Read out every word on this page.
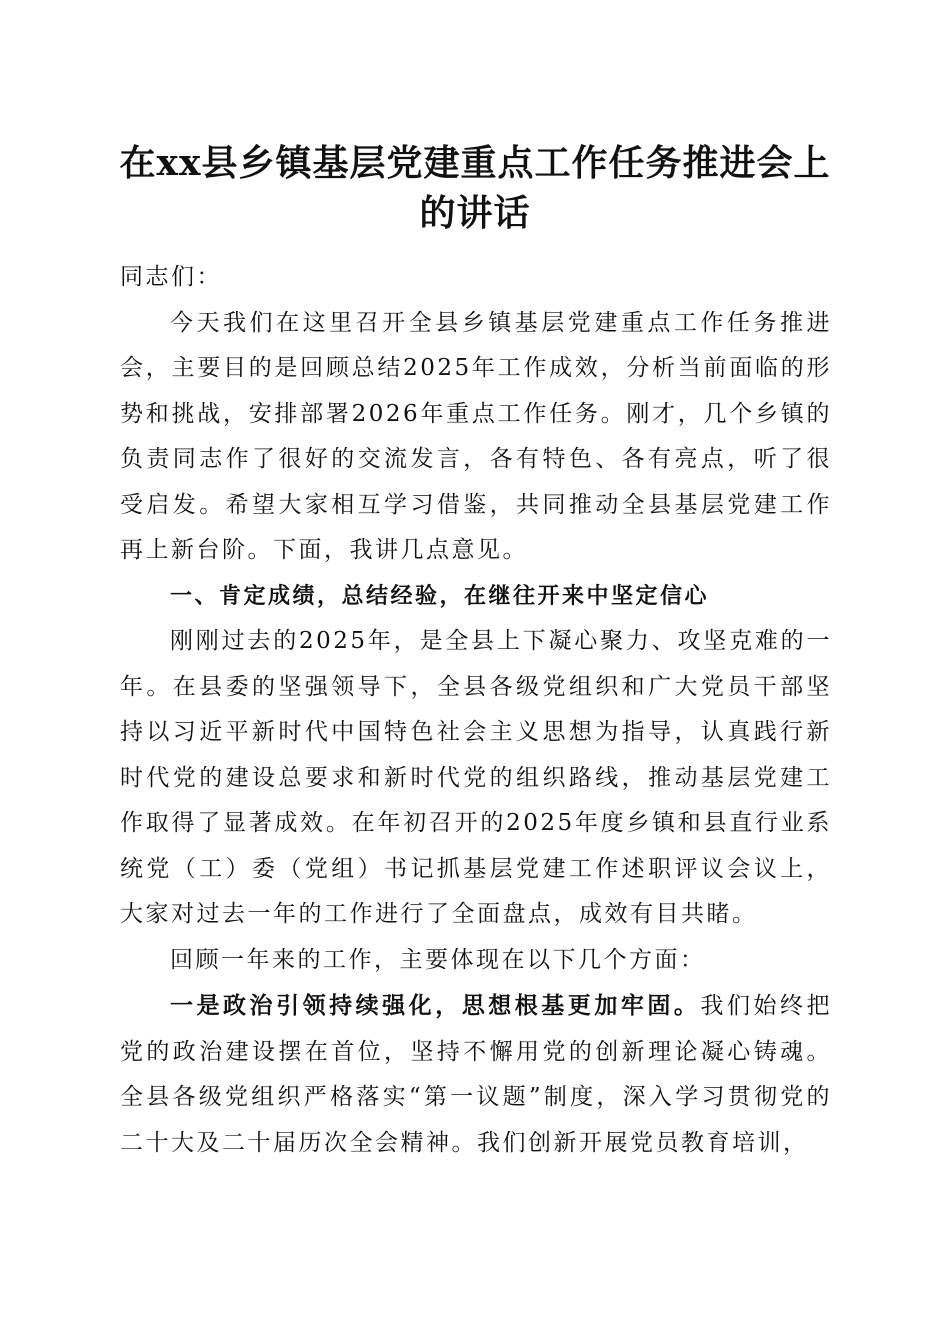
在xx县乡镇基层党建重点工作任务推进会上
的讲话

同志们：

今天我们在这里召开全县乡镇基层党建重点工作任务推进会，主要目的是回顾总结2025年工作成效，分析当前面临的形势和挑战，安排部署2026年重点工作任务。刚才，几个乡镇的负责同志作了很好的交流发言，各有特色、各有亮点，听了很受启发。希望大家相互学习借鉴，共同推动全县基层党建工作再上新台阶。下面，我讲几点意见。

一、肯定成绩，总结经验，在继往开来中坚定信心

刚刚过去的2025年，是全县上下凝心聚力、攻坚克难的一年。在县委的坚强领导下，全县各级党组织和广大党员干部坚持以习近平新时代中国特色社会主义思想为指导，认真践行新时代党的建设总要求和新时代党的组织路线，推动基层党建工作取得了显著成效。在年初召开的2025年度乡镇和县直行业系统党（工）委（党组）书记抓基层党建工作述职评议会议上，大家对过去一年的工作进行了全面盘点，成效有目共睹。

回顾一年来的工作，主要体现在以下几个方面：

一是政治引领持续强化，思想根基更加牢固。我们始终把党的政治建设摆在首位，坚持不懈用党的创新理论凝心铸魂。全县各级党组织严格落实“第一议题”制度，深入学习贯彻党的二十大及二十届历次全会精神。我们创新开展党员教育培训，
